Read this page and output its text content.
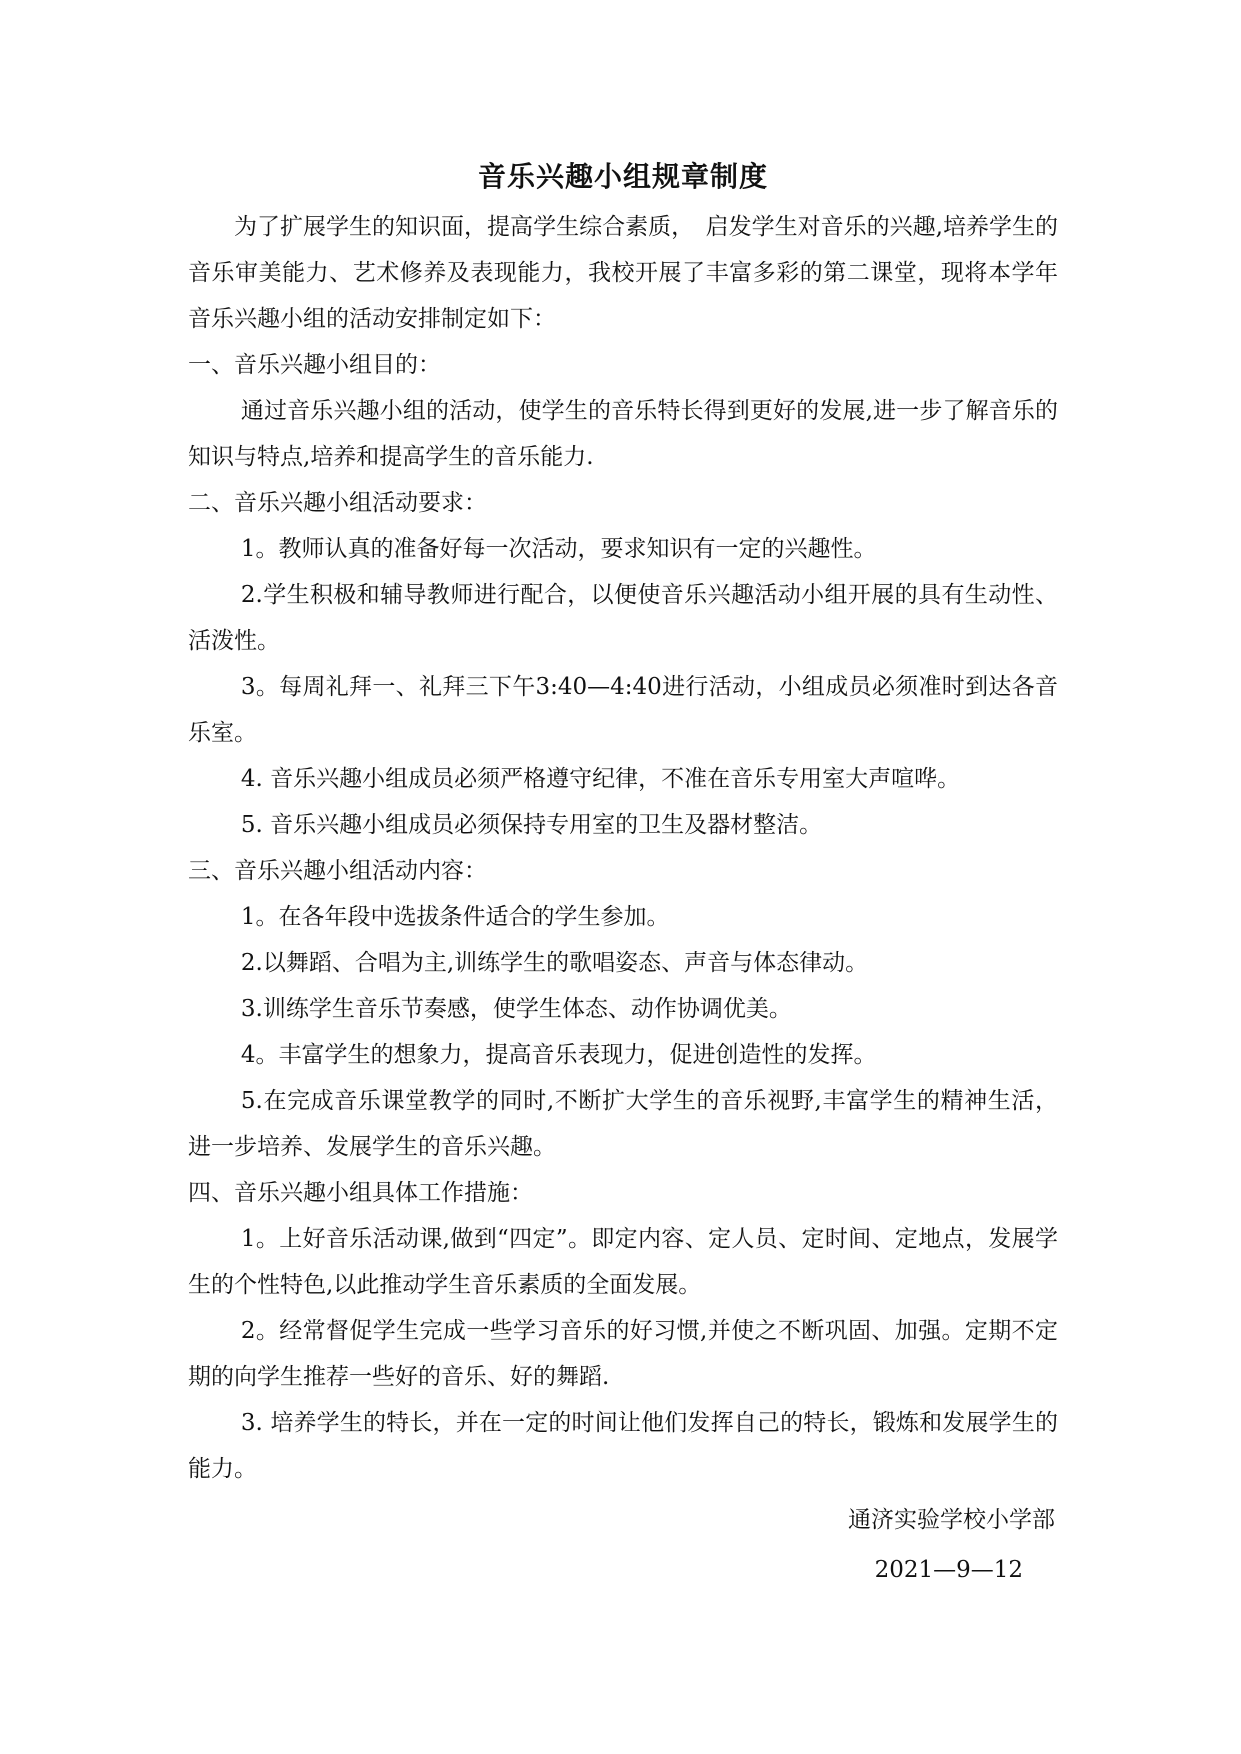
音乐兴趣小组规章制度

为了扩展学生的知识面，提高学生综合素质，　启发学生对音乐的兴趣,培养学生的音乐审美能力、艺术修养及表现能力，我校开展了丰富多彩的第二课堂，现将本学年音乐兴趣小组的活动安排制定如下：

一、音乐兴趣小组目的：

通过音乐兴趣小组的活动，使学生的音乐特长得到更好的发展,进一步了解音乐的知识与特点,培养和提高学生的音乐能力.

二、音乐兴趣小组活动要求：

1。教师认真的准备好每一次活动，要求知识有一定的兴趣性。

2.学生积极和辅导教师进行配合，以便使音乐兴趣活动小组开展的具有生动性、活泼性。

3。每周礼拜一、礼拜三下午3:40—4:40进行活动，小组成员必须准时到达各音乐室。

4. 音乐兴趣小组成员必须严格遵守纪律，不准在音乐专用室大声喧哗。

5. 音乐兴趣小组成员必须保持专用室的卫生及器材整洁。

三、音乐兴趣小组活动内容：

1。在各年段中选拔条件适合的学生参加。

2.以舞蹈、合唱为主,训练学生的歌唱姿态、声音与体态律动。

3.训练学生音乐节奏感，使学生体态、动作协调优美。

4。丰富学生的想象力，提高音乐表现力，促进创造性的发挥。

5.在完成音乐课堂教学的同时,不断扩大学生的音乐视野,丰富学生的精神生活，进一步培养、发展学生的音乐兴趣。

四、音乐兴趣小组具体工作措施：

1。上好音乐活动课,做到“四定”。即定内容、定人员、定时间、定地点，发展学生的个性特色,以此推动学生音乐素质的全面发展。

2。经常督促学生完成一些学习音乐的好习惯,并使之不断巩固、加强。定期不定期的向学生推荐一些好的音乐、好的舞蹈.

3. 培养学生的特长，并在一定的时间让他们发挥自己的特长，锻炼和发展学生的能力。

通济实验学校小学部

2021—9—12
